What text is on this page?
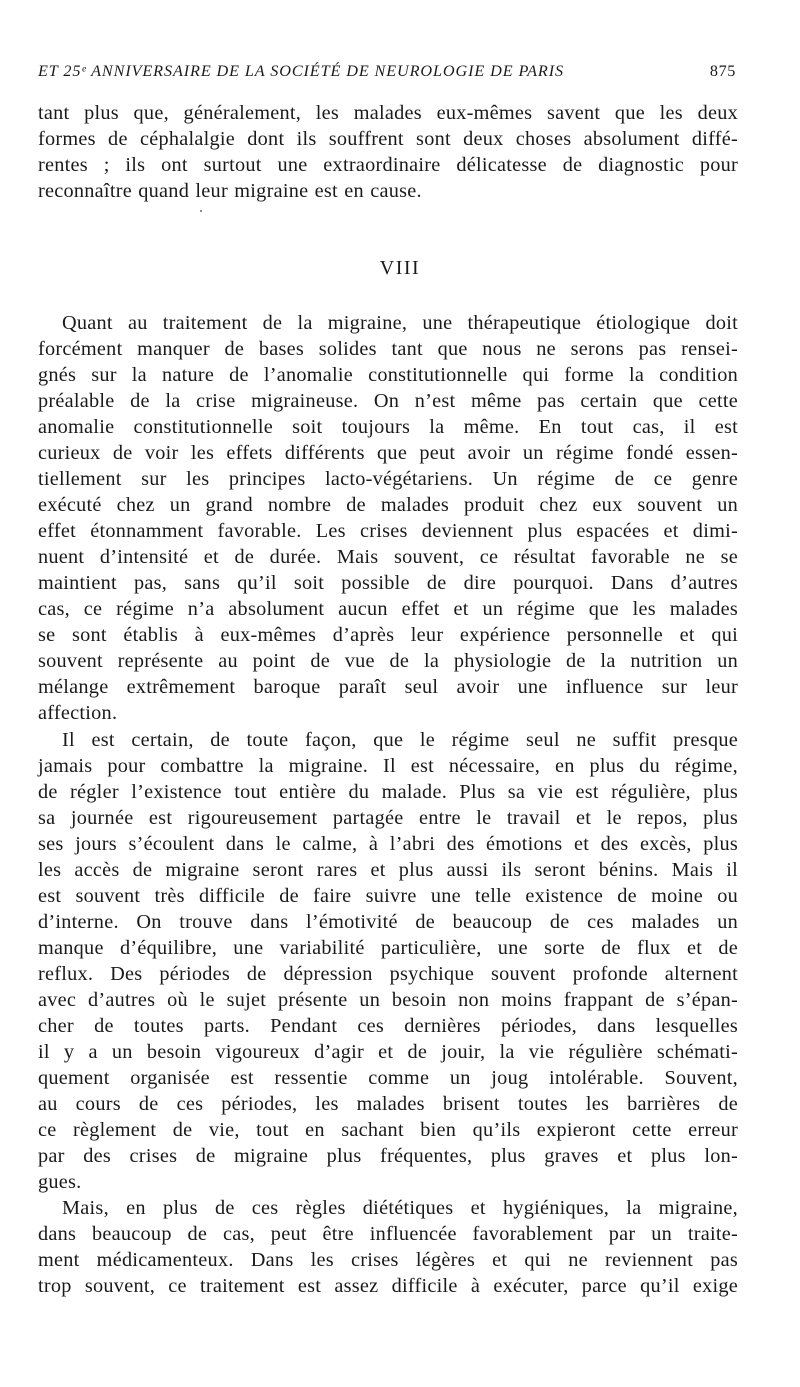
ET 25ᵉ ANNIVERSAIRE DE LA SOCIÉTÉ DE NEUROLOGIE DE PARIS	875
tant plus que, généralement, les malades eux-mêmes savent que les deux
formes de céphalalgie dont ils souffrent sont deux choses absolument diffé-
rentes ; ils ont surtout une extraordinaire délicatesse de diagnostic pour
reconnaître quand leur migraine est en cause.
VIII
Quant au traitement de la migraine, une thérapeutique étiologique doit
forcément manquer de bases solides tant que nous ne serons pas rensei-
gnés sur la nature de l’anomalie constitutionnelle qui forme la condition
préalable de la crise migraineuse. On n’est même pas certain que cette
anomalie constitutionnelle soit toujours la même. En tout cas, il est
curieux de voir les effets différents que peut avoir un régime fondé essen-
tiellement sur les principes lacto-végétariens. Un régime de ce genre
exécuté chez un grand nombre de malades produit chez eux souvent un
effet étonnamment favorable. Les crises deviennent plus espacées et dimi-
nuent d’intensité et de durée. Mais souvent, ce résultat favorable ne se
maintient pas, sans qu’il soit possible de dire pourquoi. Dans d’autres
cas, ce régime n’a absolument aucun effet et un régime que les malades
se sont établis à eux-mêmes d’après leur expérience personnelle et qui
souvent représente au point de vue de la physiologie de la nutrition un
mélange extrêmement baroque paraît seul avoir une influence sur leur
affection.
Il est certain, de toute façon, que le régime seul ne suffit presque
jamais pour combattre la migraine. Il est nécessaire, en plus du régime,
de régler l’existence tout entière du malade. Plus sa vie est régulière, plus
sa journée est rigoureusement partagée entre le travail et le repos, plus
ses jours s’écoulent dans le calme, à l’abri des émotions et des excès, plus
les accès de migraine seront rares et plus aussi ils seront bénins. Mais il
est souvent très difficile de faire suivre une telle existence de moine ou
d’interne. On trouve dans l’émotivité de beaucoup de ces malades un
manque d’équilibre, une variabilité particulière, une sorte de flux et de
reflux. Des périodes de dépression psychique souvent profonde alternent
avec d’autres où le sujet présente un besoin non moins frappant de s’épan-
cher de toutes parts. Pendant ces dernières périodes, dans lesquelles
il y a un besoin vigoureux d’agir et de jouir, la vie régulière schémati-
quement organisée est ressentie comme un joug intolérable. Souvent,
au cours de ces périodes, les malades brisent toutes les barrières de
ce règlement de vie, tout en sachant bien qu’ils expieront cette erreur
par des crises de migraine plus fréquentes, plus graves et plus lon-
gues.
Mais, en plus de ces règles diététiques et hygiéniques, la migraine,
dans beaucoup de cas, peut être influencée favorablement par un traite-
ment médicamenteux. Dans les crises légères et qui ne reviennent pas
trop souvent, ce traitement est assez difficile à exécuter, parce qu’il exige
